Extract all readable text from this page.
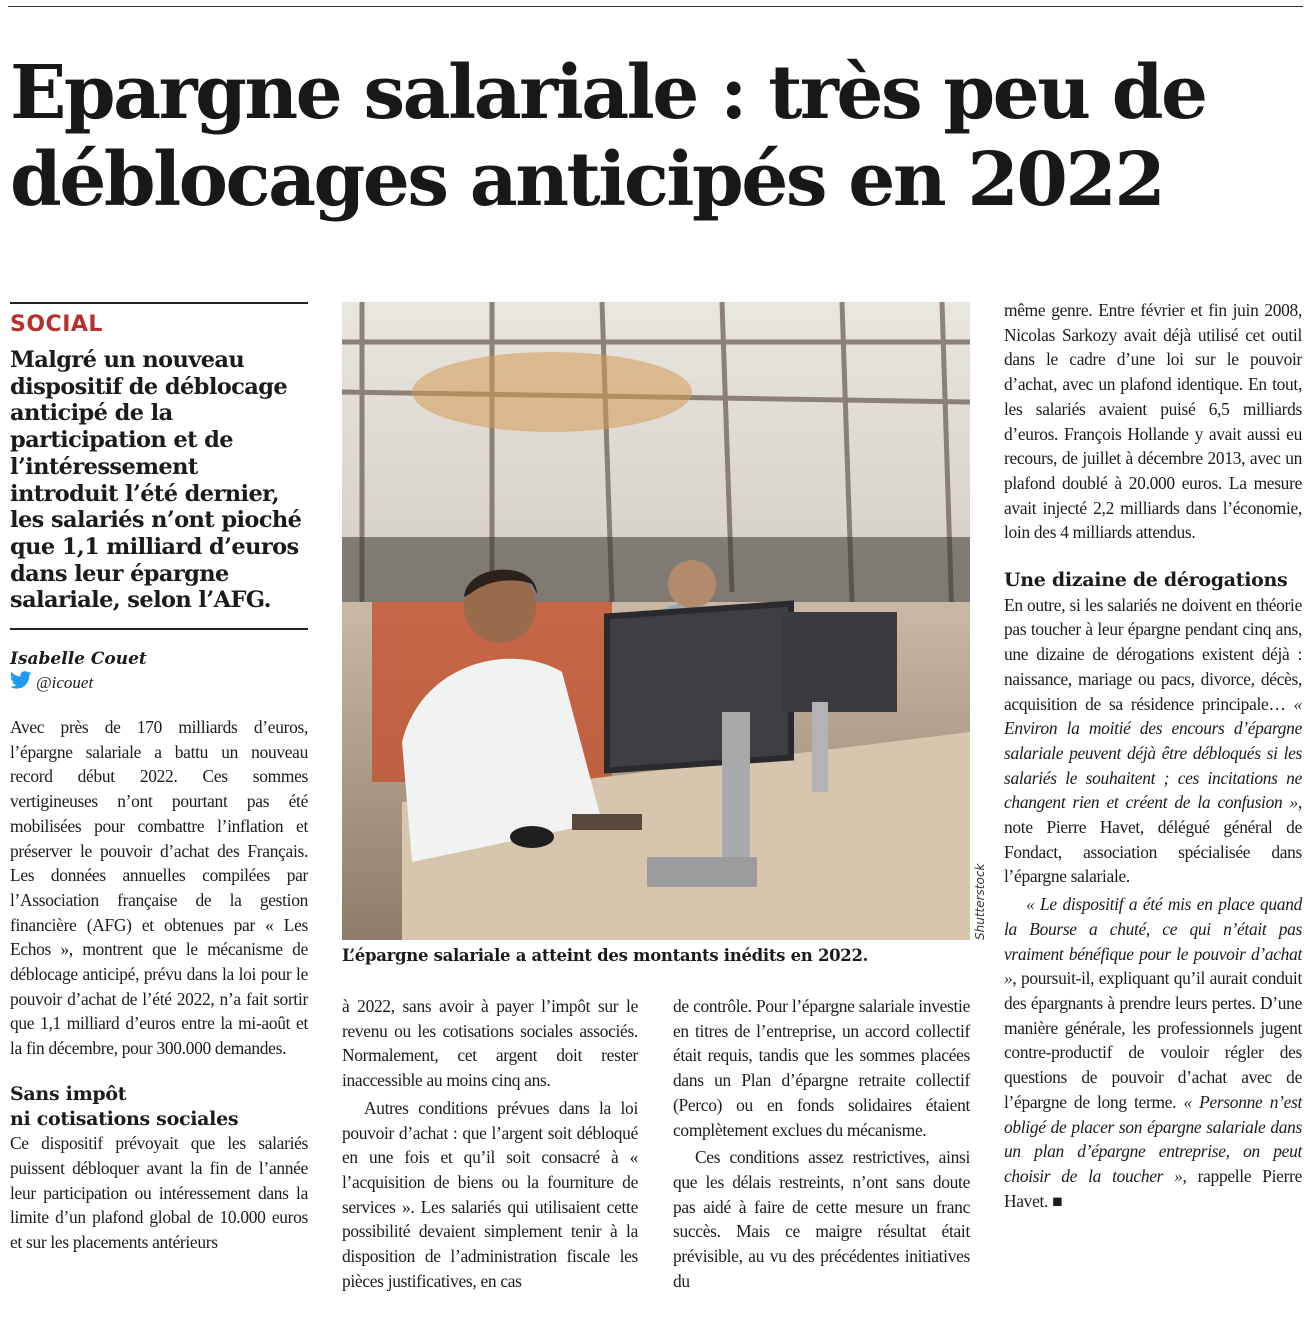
Epargne salariale : très peu de
déblocages anticipés en 2022
SOCIAL
Malgré un nouveau dispositif de déblocage anticipé de la participation et de l’intéressement introduit l’été dernier, les salariés n’ont pioché que 1,1 milliard d’euros dans leur épargne salariale, selon l’AFG.
Isabelle Couet
@icouet

Avec près de 170 milliards d’euros, l’épargne salariale a battu un nouveau record début 2022. Ces sommes vertigineuses n’ont pourtant pas été mobilisées pour combattre l’inflation et préserver le pouvoir d’achat des Français. Les données annuelles compilées par l’Association française de la gestion financière (AFG) et obtenues par « Les Echos », montrent que le mécanisme de déblocage anticipé, prévu dans la loi pour le pouvoir d’achat de l’été 2022, n’a fait sortir que 1,1 milliard d’euros entre la mi-août et la fin décembre, pour 300.000 demandes.

Sans impôt
ni cotisations sociales

Ce dispositif prévoyait que les salariés puissent débloquer avant la fin de l’année leur participation ou intéressement dans la limite d’un plafond global de 10.000 euros et sur les placements antérieurs

Shutterstock
L’épargne salariale a atteint des montants inédits en 2022.

à 2022, sans avoir à payer l’impôt sur le revenu ou les cotisations sociales associés. Normalement, cet argent doit rester inaccessible au moins cinq ans.

Autres conditions prévues dans la loi pouvoir d’achat : que l’argent soit débloqué en une fois et qu’il soit consacré à « l’acquisition de biens ou la fourniture de services ». Les salariés qui utilisaient cette possibilité devaient simplement tenir à la disposition de l’administration fiscale les pièces justificatives, en cas

de contrôle. Pour l’épargne salariale investie en titres de l’entreprise, un accord collectif était requis, tandis que les sommes placées dans un Plan d’épargne retraite collectif (Perco) ou en fonds solidaires étaient complètement exclues du mécanisme.

Ces conditions assez restrictives, ainsi que les délais restreints, n’ont sans doute pas aidé à faire de cette mesure un franc succès. Mais ce maigre résultat était prévisible, au vu des précédentes initiatives du

même genre. Entre février et fin juin 2008, Nicolas Sarkozy avait déjà utilisé cet outil dans le cadre d’une loi sur le pouvoir d’achat, avec un plafond identique. En tout, les salariés avaient puisé 6,5 milliards d’euros. François Hollande y avait aussi eu recours, de juillet à décembre 2013, avec un plafond doublé à 20.000 euros. La mesure avait injecté 2,2 milliards dans l’économie, loin des 4 milliards attendus.

Une dizaine de dérogations

En outre, si les salariés ne doivent en théorie pas toucher à leur épargne pendant cinq ans, une dizaine de dérogations existent déjà : naissance, mariage ou pacs, divorce, décès, acquisition de sa résidence principale… « Environ la moitié des encours d’épargne salariale peuvent déjà être débloqués si les salariés le souhaitent ; ces incitations ne changent rien et créent de la confusion », note Pierre Havet, délégué général de Fondact, association spécialisée dans l’épargne salariale.

« Le dispositif a été mis en place quand la Bourse a chuté, ce qui n’était pas vraiment bénéfique pour le pouvoir d’achat », poursuit-il, expliquant qu’il aurait conduit des épargnants à prendre leurs pertes. D’une manière générale, les professionnels jugent contre-productif de vouloir régler des questions de pouvoir d’achat avec de l’épargne de long terme. « Personne n’est obligé de placer son épargne salariale dans un plan d’épargne entreprise, on peut choisir de la toucher », rappelle Pierre Havet. ■
